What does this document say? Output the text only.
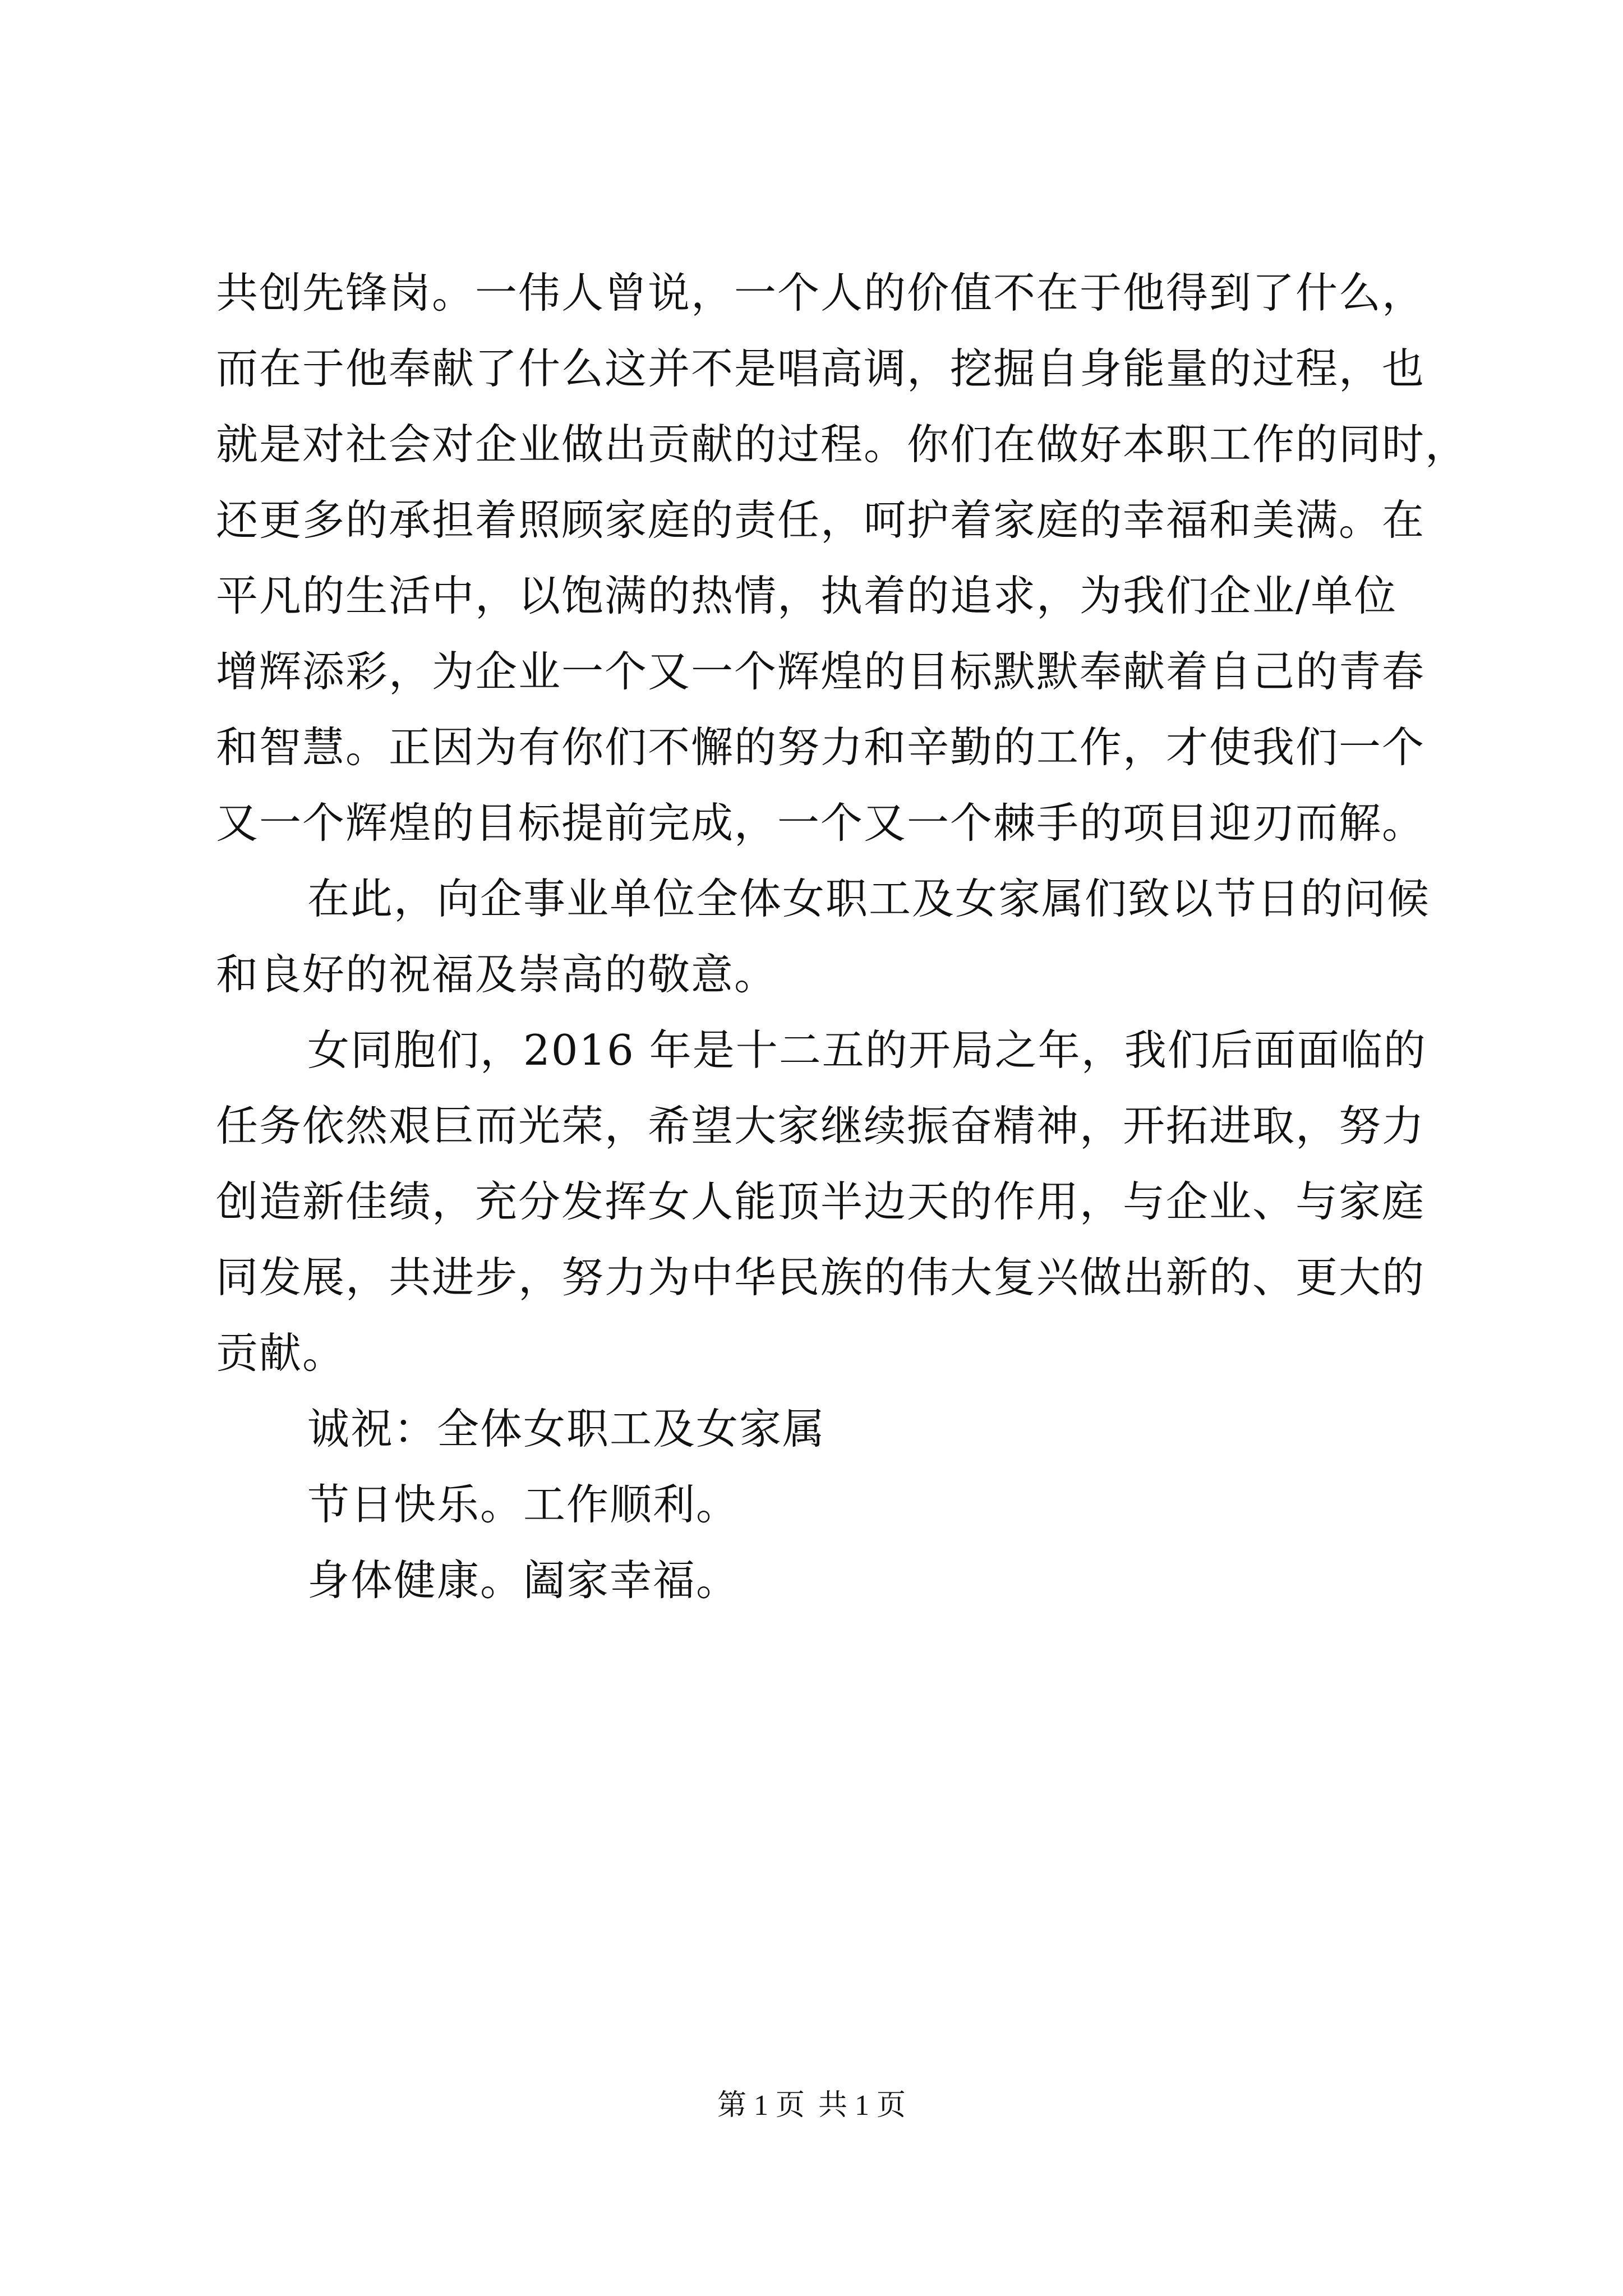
共创先锋岗。一伟人曾说，一个人的价值不在于他得到了什么，
而在于他奉献了什么这并不是唱高调，挖掘自身能量的过程，也
就是对社会对企业做出贡献的过程。你们在做好本职工作的同时，
还更多的承担着照顾家庭的责任，呵护着家庭的幸福和美满。在
平凡的生活中，以饱满的热情，执着的追求，为我们企业/单位
增辉添彩，为企业一个又一个辉煌的目标默默奉献着自己的青春
和智慧。正因为有你们不懈的努力和辛勤的工作，才使我们一个
又一个辉煌的目标提前完成，一个又一个棘手的项目迎刃而解。
在此，向企事业单位全体女职工及女家属们致以节日的问候
和良好的祝福及崇高的敬意。
女同胞们，2016 年是十二五的开局之年，我们后面面临的
任务依然艰巨而光荣，希望大家继续振奋精神，开拓进取，努力
创造新佳绩，充分发挥女人能顶半边天的作用，与企业、与家庭
同发展，共进步，努力为中华民族的伟大复兴做出新的、更大的
贡献。
诚祝：全体女职工及女家属
节日快乐。工作顺利。
身体健康。阖家幸福。
第 1 页 共 1 页
